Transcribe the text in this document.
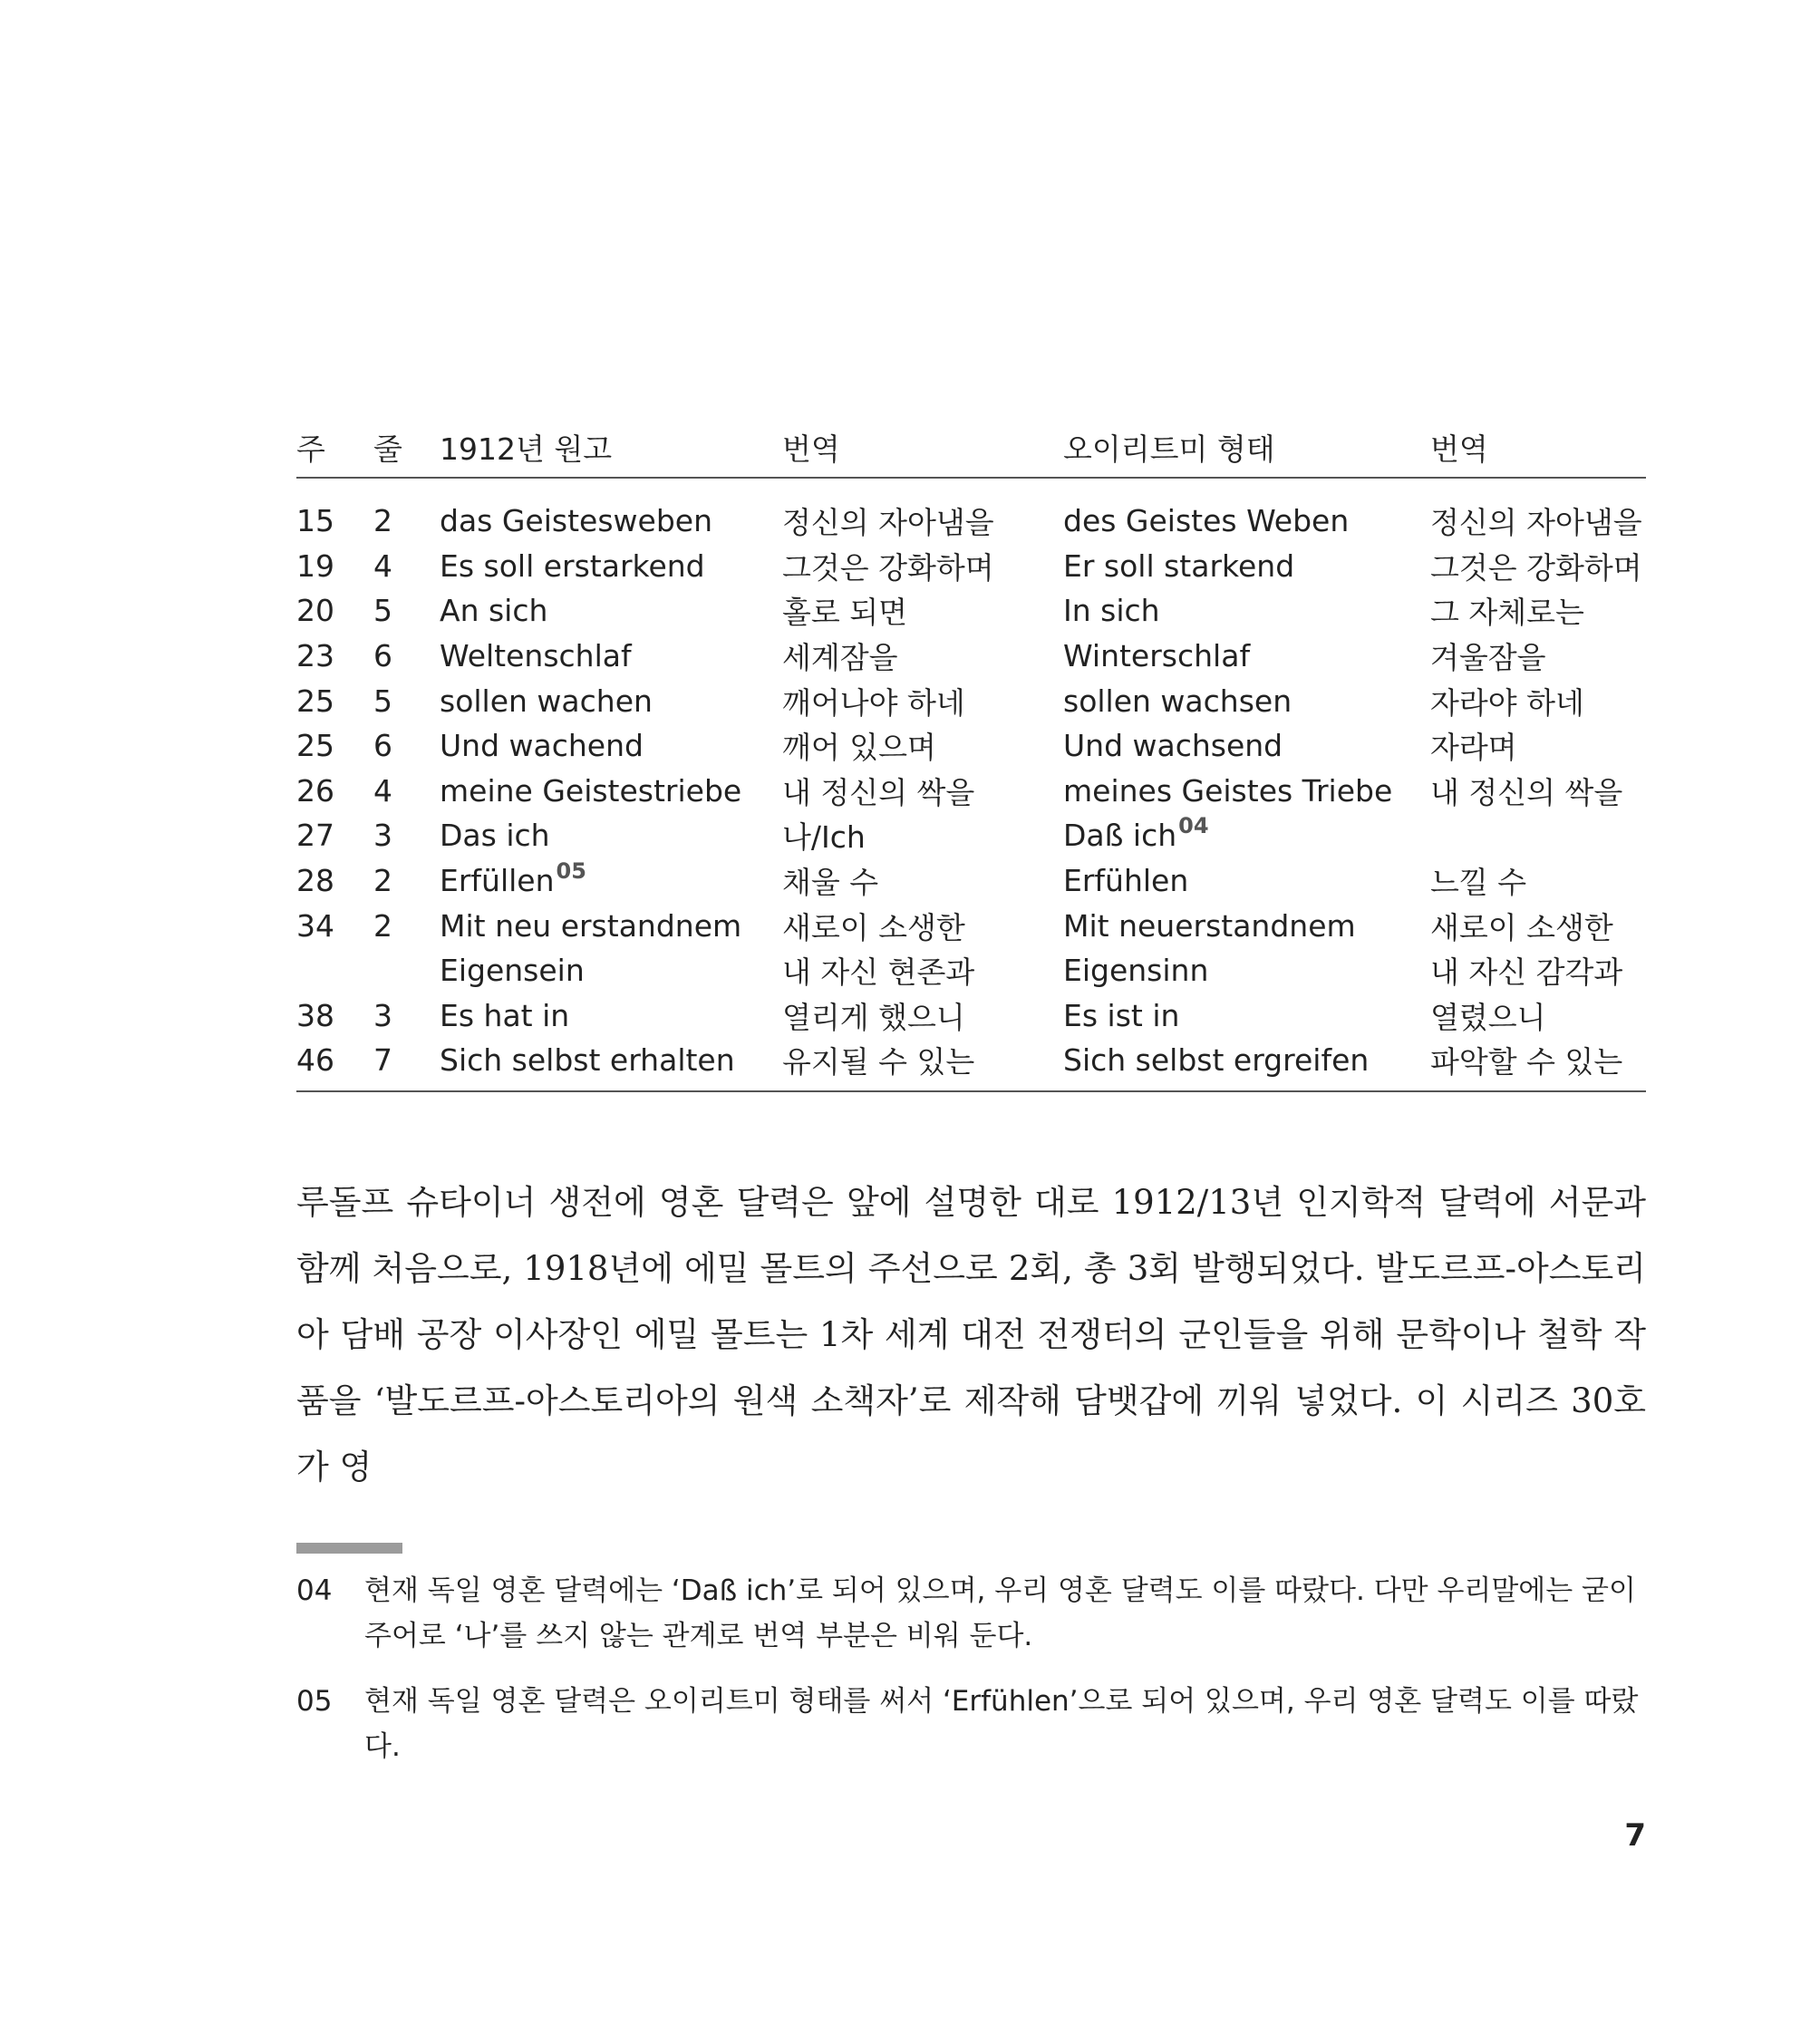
주	줄	1912년 원고	번역	오이리트미 형태	번역
15	2	das Geistesweben	정신의 자아냄을	des Geistes Weben	정신의 자아냄을
19	4	Es soll erstarkend	그것은 강화하며	Er soll starkend	그것은 강화하며
20	5	An sich	홀로 되면	In sich	그 자체로는
23	6	Weltenschlaf	세계잠을	Winterschlaf	겨울잠을
25	5	sollen wachen	깨어나야 하네	sollen wachsen	자라야 하네
25	6	Und wachend	깨어 있으며	Und wachsend	자라며
26	4	meine Geistestriebe	내 정신의 싹을	meines Geistes Triebe	내 정신의 싹을
27	3	Das ich	나/Ich	Daß ich$^{04}$	
28	2	Erfüllen$^{05}$	채울 수	Erfühlen	느낄 수
34	2	Mit neu erstandnem	새로이 소생한	Mit neuerstandnem	새로이 소생한
		Eigensein	내 자신 현존과	Eigensinn	내 자신 감각과
38	3	Es hat in	열리게 했으니	Es ist in	열렸으니
46	7	Sich selbst erhalten	유지될 수 있는	Sich selbst ergreifen	파악할 수 있는

루돌프 슈타이너 생전에 영혼 달력은 앞에 설명한 대로 1912/13년 인지학적 달력에 서문과 함께 처음으로, 1918년에 에밀 몰트의 주선으로 2회, 총 3회 발행되었다. 발도르프-아스토리아 담배 공장 이사장인 에밀 몰트는 1차 세계 대전 전쟁터의 군인들을 위해 문학이나 철학 작품을 ‘발도르프-아스토리아의 원색 소책자’로 제작해 담뱃갑에 끼워 넣었다. 이 시리즈 30호가 영

04	현재 독일 영혼 달력에는 ‘Daß ich’로 되어 있으며, 우리 영혼 달력도 이를 따랐다. 다만 우리말에는 굳이 주어로 ‘나’를 쓰지 않는 관계로 번역 부분은 비워 둔다.
05	현재 독일 영혼 달력은 오이리트미 형태를 써서 ‘Erfühlen’으로 되어 있으며, 우리 영혼 달력도 이를 따랐다.
7
